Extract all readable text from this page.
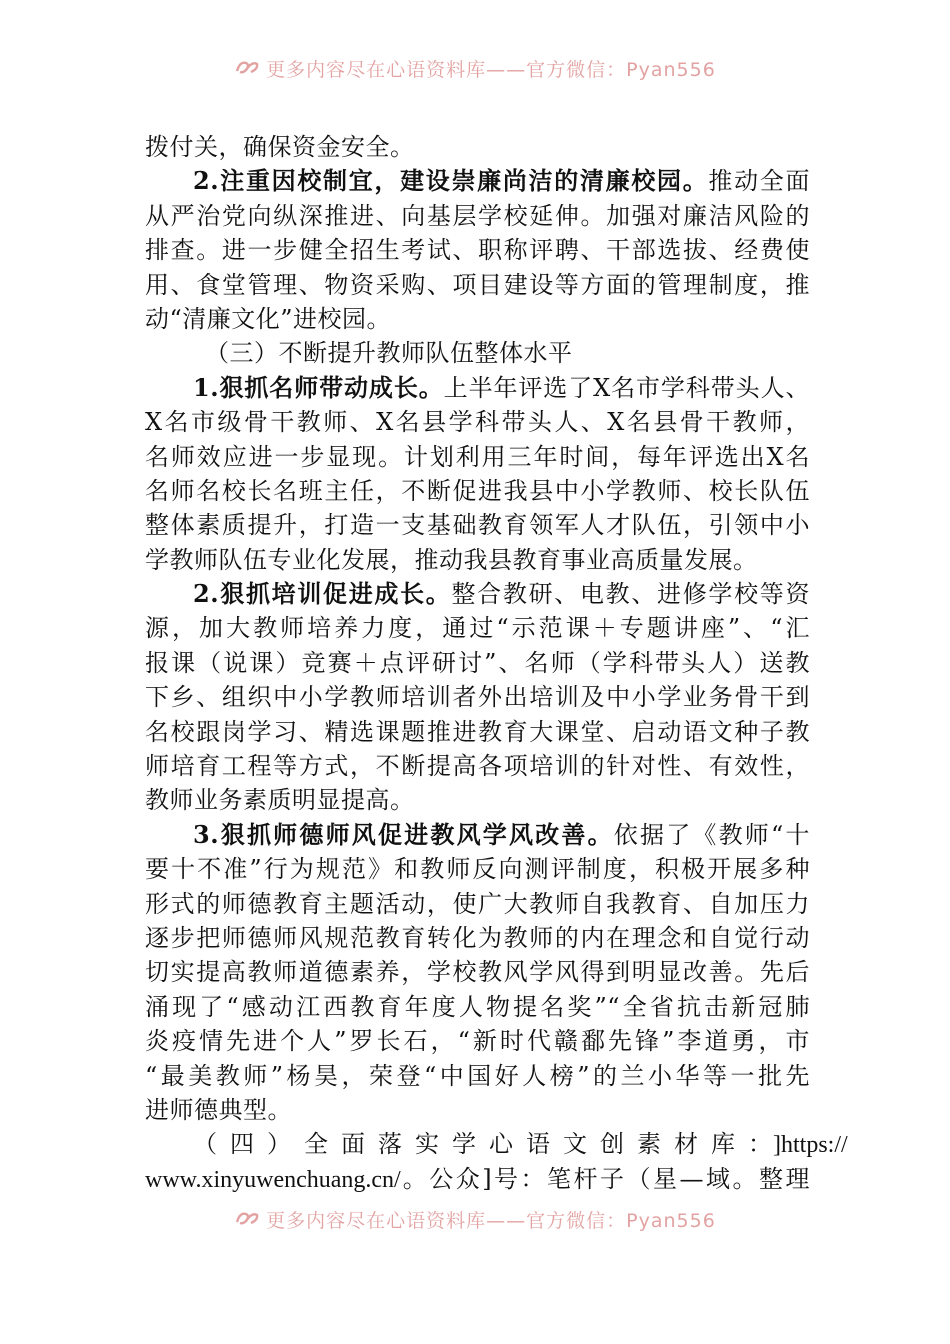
更多内容尽在心语资料库——官方微信：Pyan556
拨付关，确保资金安全。
2.注重因校制宜，建设崇廉尚洁的清廉校园。推动全面
从严治党向纵深推进、向基层学校延伸。加强对廉洁风险的
排查。进一步健全招生考试、职称评聘、干部选拔、经费使
用、食堂管理、物资采购、项目建设等方面的管理制度，推
动“清廉文化”进校园。
（三）不断提升教师队伍整体水平
1.狠抓名师带动成长。上半年评选了X名市学科带头人、
X名市级骨干教师、X名县学科带头人、X名县骨干教师，
名师效应进一步显现。计划利用三年时间，每年评选出X名
名师名校长名班主任，不断促进我县中小学教师、校长队伍
整体素质提升，打造一支基础教育领军人才队伍，引领中小
学教师队伍专业化发展，推动我县教育事业高质量发展。
2.狠抓培训促进成长。整合教研、电教、进修学校等资
源，加大教师培养力度，通过“示范课＋专题讲座”、“汇
报课（说课）竞赛＋点评研讨”、名师（学科带头人）送教
下乡、组织中小学教师培训者外出培训及中小学业务骨干到
名校跟岗学习、精选课题推进教育大课堂、启动语文种子教
师培育工程等方式，不断提高各项培训的针对性、有效性，
教师业务素质明显提高。
3.狠抓师德师风促进教风学风改善。依据了《教师“十
要十不准”行为规范》和教师反向测评制度，积极开展多种
形式的师德教育主题活动，使广大教师自我教育、自加压力
逐步把师德师风规范教育转化为教师的内在理念和自觉行动
切实提高教师道德素养，学校教风学风得到明显改善。先后
涌现了“感动江西教育年度人物提名奖”“全省抗击新冠肺
炎疫情先进个人”罗长石，“新时代赣鄱先锋”李道勇，市
“最美教师”杨昊，荣登“中国好人榜”的兰小华等一批先
进师德典型。
（四）全面落实学心语文创素材库：]https://
www.xinyuwenchuang.cn/。公众]号：笔杆子（星—域。整理
更多内容尽在心语资料库——官方微信：Pyan556
